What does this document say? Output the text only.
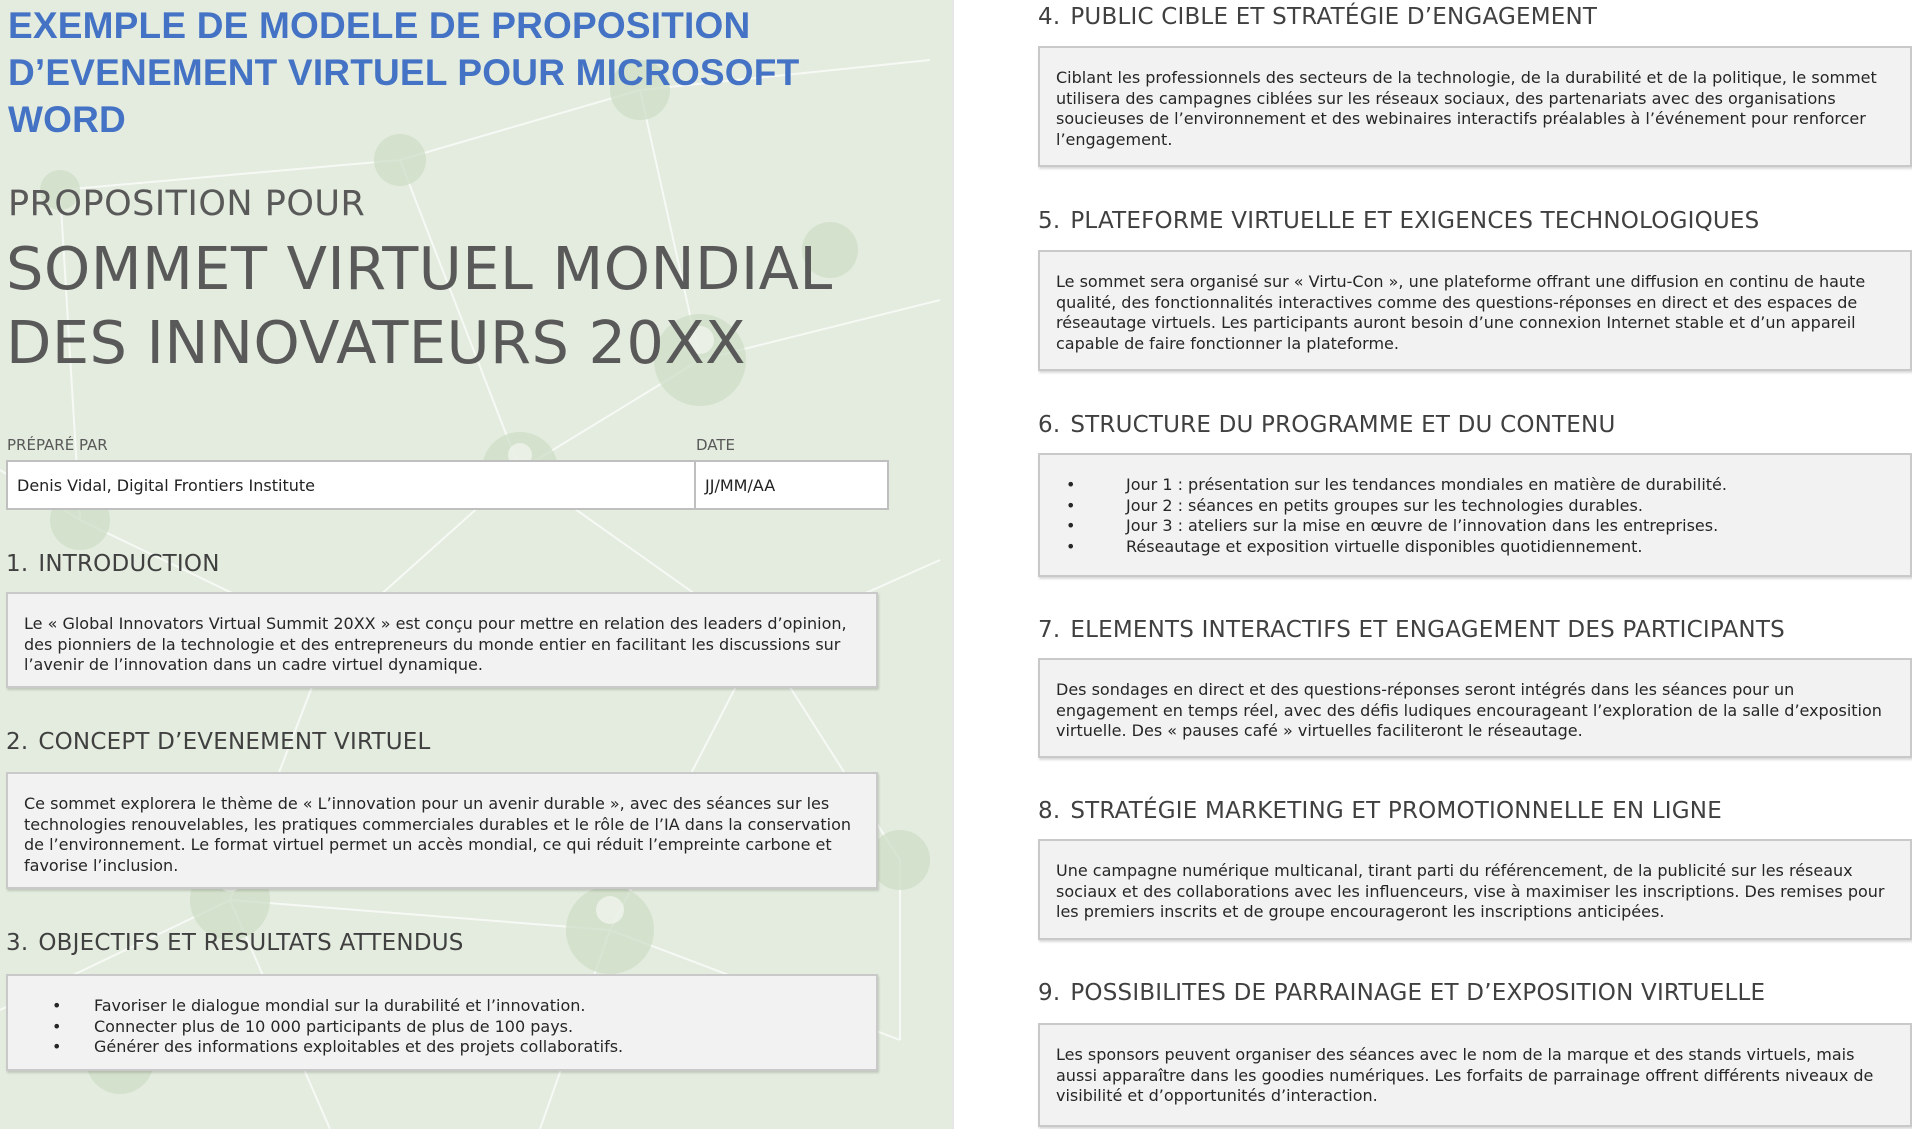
EXEMPLE DE MODELE DE PROPOSITION D’EVENEMENT VIRTUEL POUR MICROSOFT WORD
PROPOSITION POUR
SOMMET VIRTUEL MONDIAL
DES INNOVATEURS 20XX
PRÉPARÉ PAR	DATE
Denis Vidal, Digital Frontiers Institute	JJ/MM/AA
1. INTRODUCTION

Le « Global Innovators Virtual Summit 20XX » est conçu pour mettre en relation des leaders d’opinion, des pionniers de la technologie et des entrepreneurs du monde entier en facilitant les discussions sur l’avenir de l’innovation dans un cadre virtuel dynamique.

2. CONCEPT D’EVENEMENT VIRTUEL

Ce sommet explorera le thème de « L’innovation pour un avenir durable », avec des séances sur les technologies renouvelables, les pratiques commerciales durables et le rôle de l’IA dans la conservation de l’environnement. Le format virtuel permet un accès mondial, ce qui réduit l’empreinte carbone et favorise l’inclusion.

3. OBJECTIFS ET RESULTATS ATTENDUS
• Favoriser le dialogue mondial sur la durabilité et l’innovation.
• Connecter plus de 10 000 participants de plus de 100 pays.
• Générer des informations exploitables et des projets collaboratifs.
4. PUBLIC CIBLE ET STRATÉGIE D’ENGAGEMENT

Ciblant les professionnels des secteurs de la technologie, de la durabilité et de la politique, le sommet utilisera des campagnes ciblées sur les réseaux sociaux, des partenariats avec des organisations soucieuses de l’environnement et des webinaires interactifs préalables à l’événement pour renforcer l’engagement.

5. PLATEFORME VIRTUELLE ET EXIGENCES TECHNOLOGIQUES

Le sommet sera organisé sur « Virtu-Con », une plateforme offrant une diffusion en continu de haute qualité, des fonctionnalités interactives comme des questions-réponses en direct et des espaces de réseautage virtuels. Les participants auront besoin d’une connexion Internet stable et d’un appareil capable de faire fonctionner la plateforme.

6. STRUCTURE DU PROGRAMME ET DU CONTENU
• Jour 1 : présentation sur les tendances mondiales en matière de durabilité.
• Jour 2 : séances en petits groupes sur les technologies durables.
• Jour 3 : ateliers sur la mise en œuvre de l’innovation dans les entreprises.
• Réseautage et exposition virtuelle disponibles quotidiennement.
7. ELEMENTS INTERACTIFS ET ENGAGEMENT DES PARTICIPANTS

Des sondages en direct et des questions-réponses seront intégrés dans les séances pour un engagement en temps réel, avec des défis ludiques encourageant l’exploration de la salle d’exposition virtuelle. Des « pauses café » virtuelles faciliteront le réseautage.

8. STRATÉGIE MARKETING ET PROMOTIONNELLE EN LIGNE

Une campagne numérique multicanal, tirant parti du référencement, de la publicité sur les réseaux sociaux et des collaborations avec les influenceurs, vise à maximiser les inscriptions. Des remises pour les premiers inscrits et de groupe encourageront les inscriptions anticipées.

9. POSSIBILITES DE PARRAINAGE ET D’EXPOSITION VIRTUELLE

Les sponsors peuvent organiser des séances avec le nom de la marque et des stands virtuels, mais aussi apparaître dans les goodies numériques. Les forfaits de parrainage offrent différents niveaux de visibilité et d’opportunités d’interaction.
